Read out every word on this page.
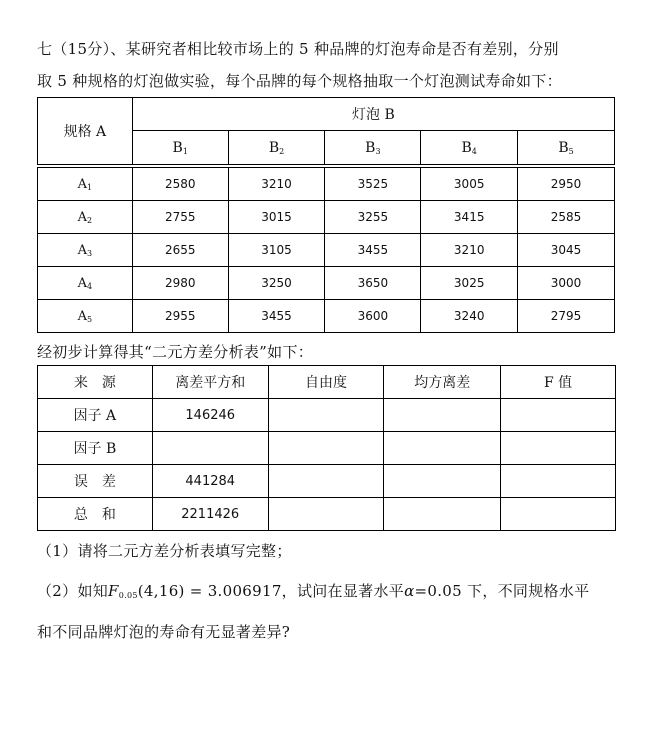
七（15分）、某研究者相比较市场上的 5 种品牌的灯泡寿命是否有差别，分别
取 5 种规格的灯泡做实验，每个品牌的每个规格抽取一个灯泡测试寿命如下：
规格 A	灯泡 B				
	$B_1$	$B_2$	$B_3$	$B_4$	$B_5$

$A_1$	2580	3210	3525	3005	2950
$A_2$	2755	3015	3255	3415	2585
$A_3$	2655	3105	3455	3210	3045
$A_4$	2980	3250	3650	3025	3000
$A_5$	2955	3455	3600	3240	2795
经初步计算得其“二元方差分析表”如下：
来　源	离差平方和	自由度	均方离差	F 值
因子 A	146246			
因子 B				
误　差	441284			
总　和	2211426			
（1）请将二元方差分析表填写完整；
（2）如知$F_{0.05}(4,16) = 3.006917$，试问在显著水平α=0.05 下，不同规格水平
和不同品牌灯泡的寿命有无显著差异?
